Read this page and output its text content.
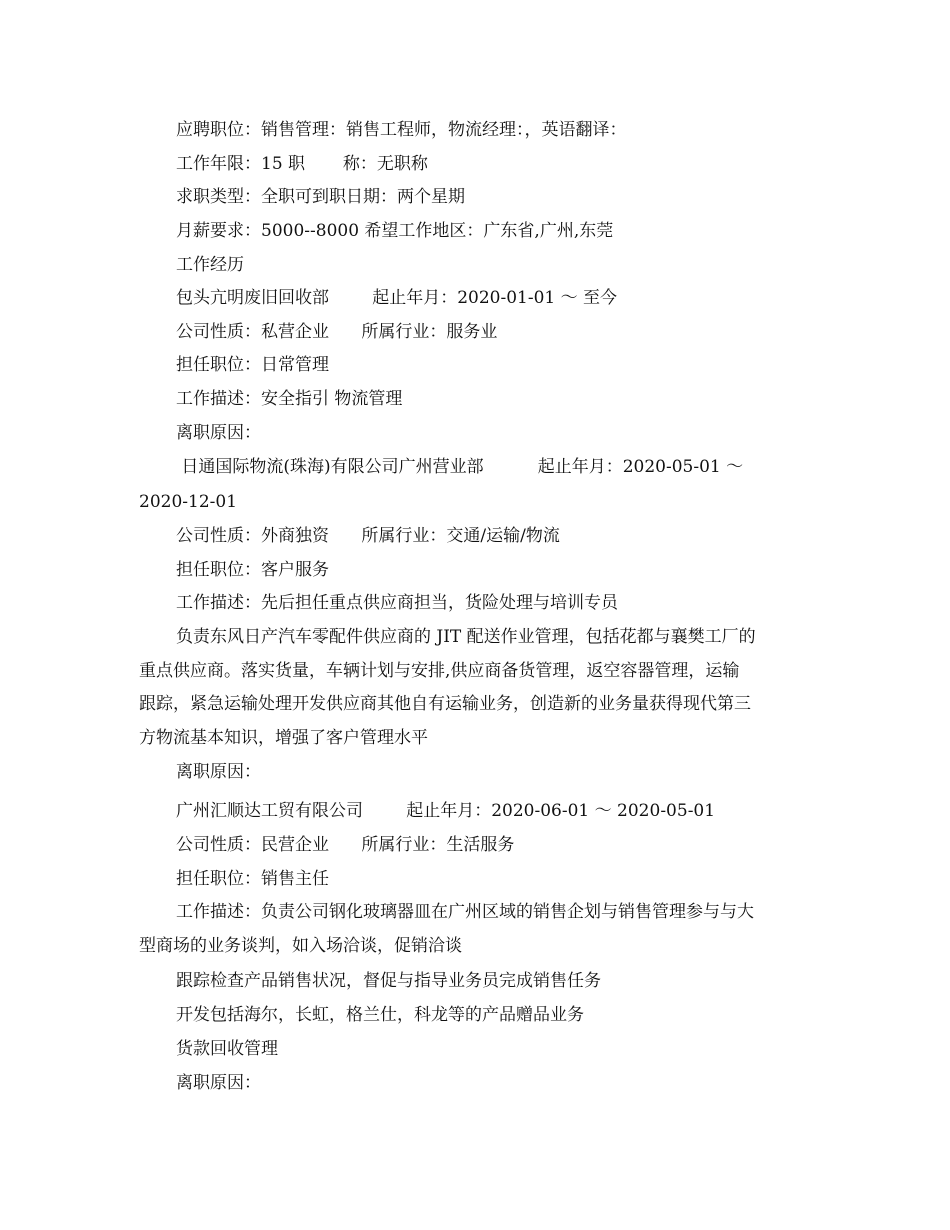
应聘职位：销售管理：销售工程师，物流经理：，英语翻译：
工作年限：15 职       称：无职称
求职类型：全职可到职日期：两个星期
月薪要求：5000--8000 希望工作地区：广东省,广州,东莞
工作经历
包头亢明废旧回收部        起止年月：2020-01-01 ～ 至今
公司性质：私营企业      所属行业：服务业
担任职位：日常管理
工作描述：安全指引 物流管理
离职原因：
日通国际物流(珠海)有限公司广州营业部          起止年月：2020-05-01 ～
2020-12-01
公司性质：外商独资      所属行业：交通/运输/物流
担任职位：客户服务
工作描述：先后担任重点供应商担当，货险处理与培训专员
负责东风日产汽车零配件供应商的 JIT 配送作业管理，包括花都与襄樊工厂的
重点供应商。落实货量，车辆计划与安排,供应商备货管理，返空容器管理，运输
跟踪，紧急运输处理开发供应商其他自有运输业务，创造新的业务量获得现代第三
方物流基本知识，增强了客户管理水平
离职原因：
广州汇顺达工贸有限公司        起止年月：2020-06-01 ～ 2020-05-01
公司性质：民营企业      所属行业：生活服务
担任职位：销售主任
工作描述：负责公司钢化玻璃器皿在广州区域的销售企划与销售管理参与与大
型商场的业务谈判，如入场洽谈，促销洽谈
跟踪检查产品销售状况，督促与指导业务员完成销售任务
开发包括海尔，长虹，格兰仕，科龙等的产品赠品业务
货款回收管理
离职原因：
